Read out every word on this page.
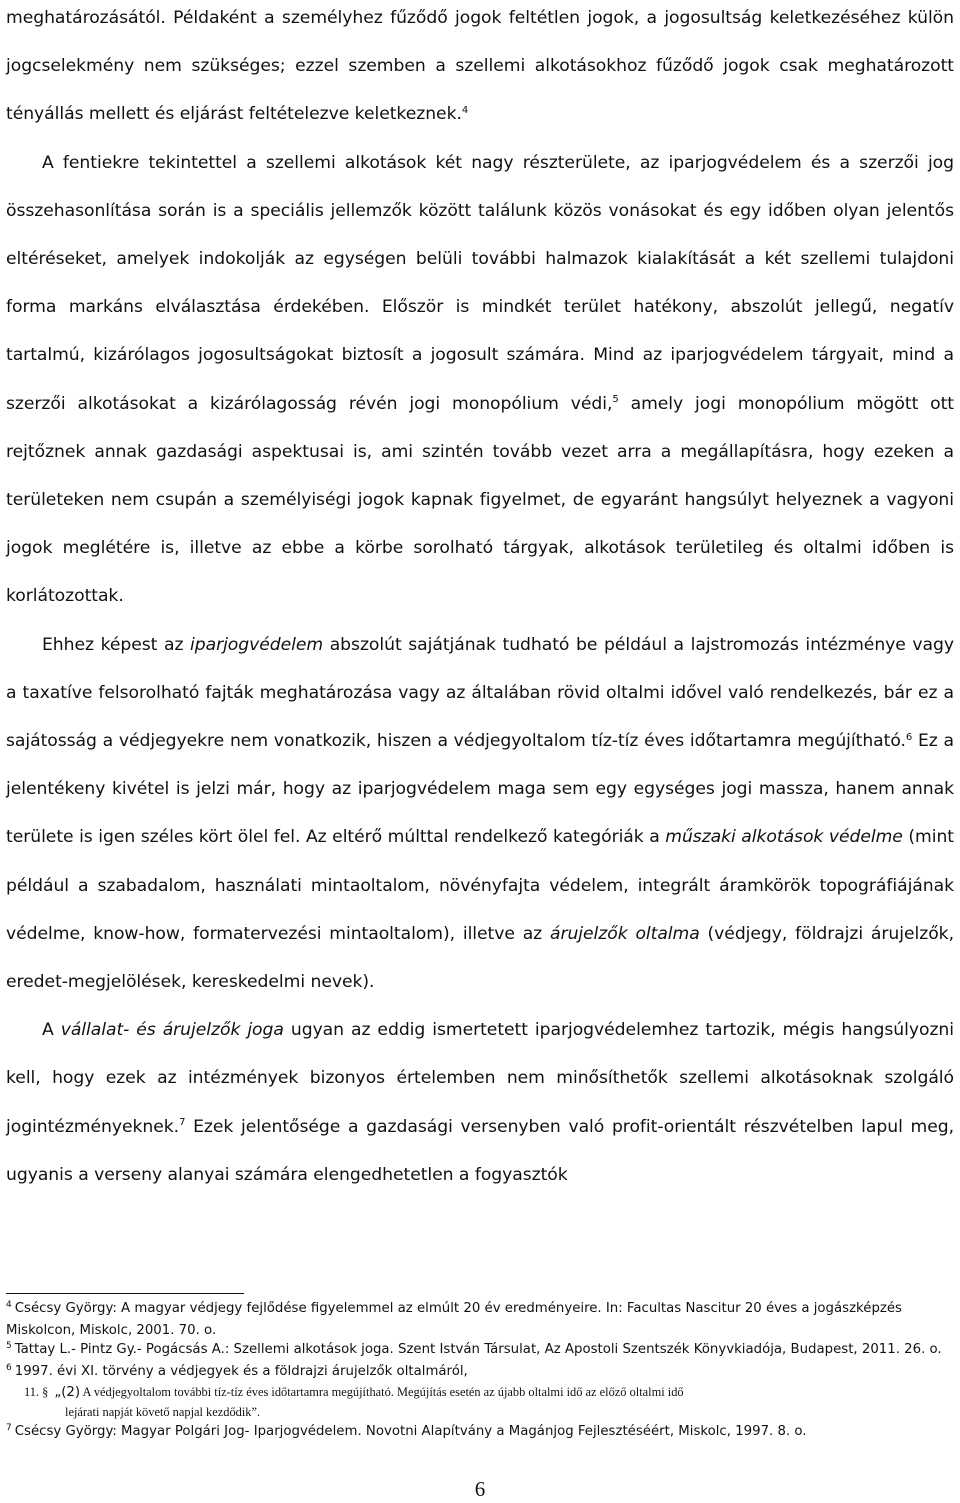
meghatározásától. Példaként a személyhez fűződő jogok feltétlen jogok, a jogosultság keletkezéséhez külön jogcselekmény nem szükséges; ezzel szemben a szellemi alkotásokhoz fűződő jogok csak meghatározott tényállás mellett és eljárást feltételezve keletkeznek.$^4$

A fentiekre tekintettel a szellemi alkotások két nagy részterülete, az iparjogvédelem és a szerzői jog összehasonlítása során is a speciális jellemzők között találunk közös vonásokat és egy időben olyan jelentős eltéréseket, amelyek indokolják az egységen belüli további halmazok kialakítását a két szellemi tulajdoni forma markáns elválasztása érdekében. Először is mindkét terület hatékony, abszolút jellegű, negatív tartalmú, kizárólagos jogosultságokat biztosít a jogosult számára. Mind az iparjogvédelem tárgyait, mind a szerzői alkotásokat a kizárólagosság révén jogi monopólium védi,$^5$ amely jogi monopólium mögött ott rejtőznek annak gazdasági aspektusai is, ami szintén tovább vezet arra a megállapításra, hogy ezeken a területeken nem csupán a személyiségi jogok kapnak figyelmet, de egyaránt hangsúlyt helyeznek a vagyoni jogok meglétére is, illetve az ebbe a körbe sorolható tárgyak, alkotások területileg és oltalmi időben is korlátozottak.

Ehhez képest az iparjogvédelem abszolút sajátjának tudható be például a lajstromozás intézménye vagy a taxatíve felsorolható fajták meghatározása vagy az általában rövid oltalmi idővel való rendelkezés, bár ez a sajátosság a védjegyekre nem vonatkozik, hiszen a védjegyoltalom tíz-tíz éves időtartamra megújítható.$^6$ Ez a jelentékeny kivétel is jelzi már, hogy az iparjogvédelem maga sem egy egységes jogi massza, hanem annak területe is igen széles kört ölel fel. Az eltérő múlttal rendelkező kategóriák a műszaki alkotások védelme (mint például a szabadalom, használati mintaoltalom, növényfajta védelem, integrált áramkörök topográfiájának védelme, know-how, formatervezési mintaoltalom), illetve az árujelzők oltalma (védjegy, földrajzi árujelzők, eredet-megjelölések, kereskedelmi nevek).

A vállalat- és árujelzők joga ugyan az eddig ismertetett iparjogvédelemhez tartozik, mégis hangsúlyozni kell, hogy ezek az intézmények bizonyos értelemben nem minősíthetők szellemi alkotásoknak szolgáló jogintézményeknek.$^7$ Ezek jelentősége a gazdasági versenyben való profit-orientált részvételben lapul meg, ugyanis a verseny alanyai számára elengedhetetlen a fogyasztók

$^4$ Csécsy György: A magyar védjegy fejlődése figyelemmel az elmúlt 20 év eredményeire. In: Facultas Nascitur 20 éves a jogászképzés Miskolcon, Miskolc, 2001. 70. o.

$^5$ Tattay L.- Pintz Gy.- Pogácsás A.: Szellemi alkotások joga. Szent István Társulat, Az Apostoli Szentszék Könyvkiadója, Budapest, 2011. 26. o.

$^6$ 1997. évi XI. törvény a védjegyek és a földrajzi árujelzők oltalmáról,

11. § „(2) A védjegyoltalom további tíz-tíz éves időtartamra megújítható. Megújítás esetén az újabb oltalmi idő az előző oltalmi idő

lejárati napját követő napjal kezdődik”.

$^7$ Csécsy György: Magyar Polgári Jog- Iparjogvédelem. Novotni Alapítvány a Magánjog Fejlesztéséért, Miskolc, 1997. 8. o.

6
